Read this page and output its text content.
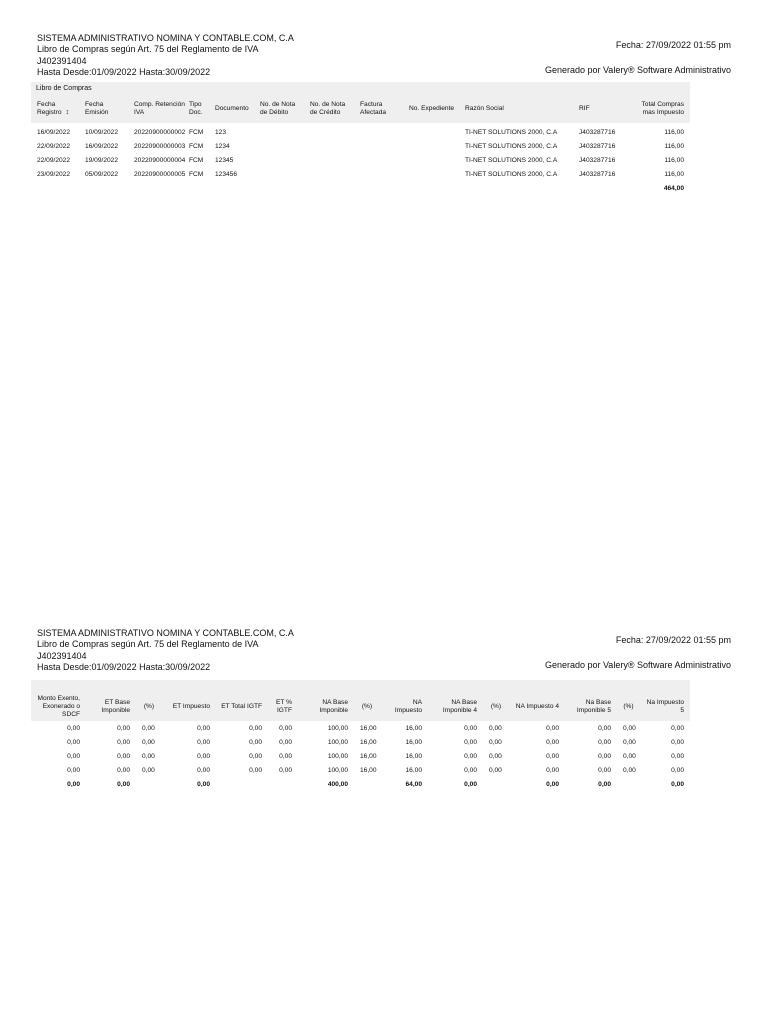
SISTEMA ADMINISTRATIVO NOMINA Y CONTABLE.COM, C.A
Libro de Compras según Art. 75 del Reglamento de IVA
J402391404
Hasta Desde:01/09/2022 Hasta:30/09/2022
Fecha: 27/09/2022 01:55 pm
Generado por Valery® Software Administrativo
Libro de Compras
Fecha Registro ↕	Fecha Emisión	Comp. Retención IVA	Tipo Doc.	Documento	No. de Nota de Débito	No. de Nota de Crédito	Factura Afectada	No. Expediente	Razón Social	RIF	Total Compras mas Impuesto
16/09/2022	10/09/2022	20220900000002	FCM	123					TI-NET SOLUTIONS 2000, C.A	J403287716	116,00
22/09/2022	16/09/2022	20220900000003	FCM	1234					TI-NET SOLUTIONS 2000, C.A	J403287716	116,00
22/09/2022	19/09/2022	20220900000004	FCM	12345					TI-NET SOLUTIONS 2000, C.A	J403287716	116,00
23/09/2022	05/09/2022	20220900000005	FCM	123456					TI-NET SOLUTIONS 2000, C.A	J403287716	116,00
											464,00
SISTEMA ADMINISTRATIVO NOMINA Y CONTABLE.COM, C.A
Libro de Compras según Art. 75 del Reglamento de IVA
J402391404
Hasta Desde:01/09/2022 Hasta:30/09/2022
Fecha: 27/09/2022 01:55 pm
Generado por Valery® Software Administrativo
Monto Exento, Exonerado o SDCF	ET Base Imponible	(%)	ET Impuesto	ET Total IGTF	ET % IGTF	NA Base Imponible	(%)	NA Impuesto	NA Base Imponible 4	(%)	NA Impuesto 4	Na Base Imponible 5	(%)	Na Impuesto 5
0,00	0,00	0,00	0,00	0,00	0,00	100,00	16,00	16,00	0,00	0,00	0,00	0,00	0,00	0,00
0,00	0,00	0,00	0,00	0,00	0,00	100,00	16,00	16,00	0,00	0,00	0,00	0,00	0,00	0,00
0,00	0,00	0,00	0,00	0,00	0,00	100,00	16,00	16,00	0,00	0,00	0,00	0,00	0,00	0,00
0,00	0,00	0,00	0,00	0,00	0,00	100,00	16,00	16,00	0,00	0,00	0,00	0,00	0,00	0,00
0,00	0,00		0,00			400,00		64,00	0,00		0,00	0,00		0,00
